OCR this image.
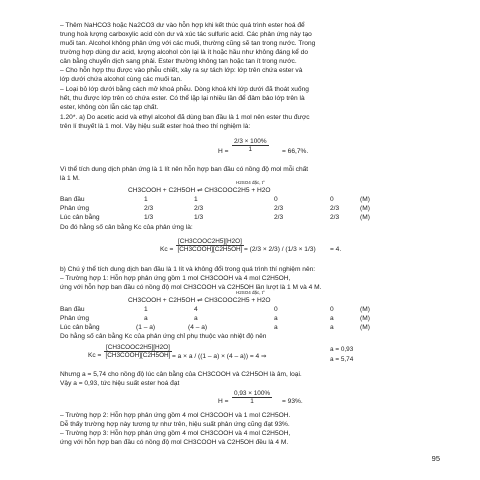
– Thêm NaHCO3 hoặc Na2CO3 dư vào hỗn hợp khi kết thúc quá trình ester hoá để
trung hoà lượng carboxylic acid còn dư và xúc tác sulfuric acid. Các phản ứng này tạo
muối tan. Alcohol không phản ứng với các muối, thường cũng sẽ tan trong nước. Trong
trường hợp dùng dư acid, lượng alcohol còn lại là ít hoặc hầu như không đáng kể do
cân bằng chuyển dịch sang phải. Ester thường không tan hoặc tan ít trong nước.
– Cho hỗn hợp thu được vào phễu chiết, xảy ra sự tách lớp: lớp trên chứa ester và
lớp dưới chứa alcohol cùng các muối tan.
– Loại bỏ lớp dưới bằng cách mở khoá phễu. Dòng khoá khi lớp dưới đã thoát xuống
hết, thu được lớp trên có chứa ester. Có thể lặp lại nhiều lần để đảm bảo lớp trên là
ester, không còn lẫn các tạp chất.
1.20*. a) Do acetic acid và ethyl alcohol đã dùng ban đầu là 1 mol nên ester thu được
trên lí thuyết là 1 mol. Vậy hiệu suất ester hoá theo thí nghiệm là:
$H = \frac{2/3 \times 100\%}{1} = 66,7\%$.
Vì thể tích dung dịch phản ứng là 1 lít nên hỗn hợp ban đầu có nồng độ mol mỗi chất
là 1 M.
H2SO4 đặc, t°
CH3COOH + C2H5OH ⇌ CH3COOC2H5 + H2O
Ban đầu	1	1	0	0	(M)
Phản ứng	2/3	2/3	2/3	2/3	(M)
Lúc cân bằng	1/3	1/3	2/3	2/3	(M)
Do đó hằng số cân bằng Kc của phản ứng là:
Kc =
[CH3COOC2H5][H2O]
[CH3COOH][C2H5OH] = (2/3 × 2/3) / (1/3 × 1/3) = 4.
b) Chú ý thể tích dung dịch ban đầu là 1 lít và không đổi trong quá trình thí nghiệm nên:
– Trường hợp 1: Hỗn hợp phản ứng gồm 1 mol CH3COOH và 4 mol C2H5OH,
ứng với hỗn hợp ban đầu có nồng độ mol CH3COOH và C2H5OH lần lượt là 1 M và 4 M.
H2SO4 đặc, t°
CH3COOH + C2H5OH ⇌ CH3COOC2H5 + H2O
Ban đầu	1	4	0	0	(M)
Phản ứng	a	a	a	a	(M)
Lúc cân bằng	(1 – a)	(4 – a)	a	a	(M)
Do hằng số cân bằng Kc của phản ứng chỉ phụ thuộc vào nhiệt độ nên
Kc =
[CH3COOC2H5][H2O]
[CH3COOH][C2H5OH] = a × a / ((1 – a) × (4 – a)) = 4 ⇒
a = 0,93
a = 5,74
Nhưng a = 5,74 cho nồng độ lúc cân bằng của CH3COOH và C2H5OH là âm, loại.
Vậy a = 0,93, tức hiệu suất ester hoá đạt
$H = \frac{0,93 \times 100\%}{1} = 93\%$.
– Trường hợp 2: Hỗn hợp phản ứng gồm 4 mol CH3COOH và 1 mol C2H5OH.
Dễ thấy trường hợp này tương tự như trên, hiệu suất phản ứng cũng đạt 93%.
– Trường hợp 3: Hỗn hợp phản ứng gồm 4 mol CH3COOH và 4 mol C2H5OH,
ứng với hỗn hợp ban đầu có nồng độ mol CH3COOH và C2H5OH đều là 4 M.
95
